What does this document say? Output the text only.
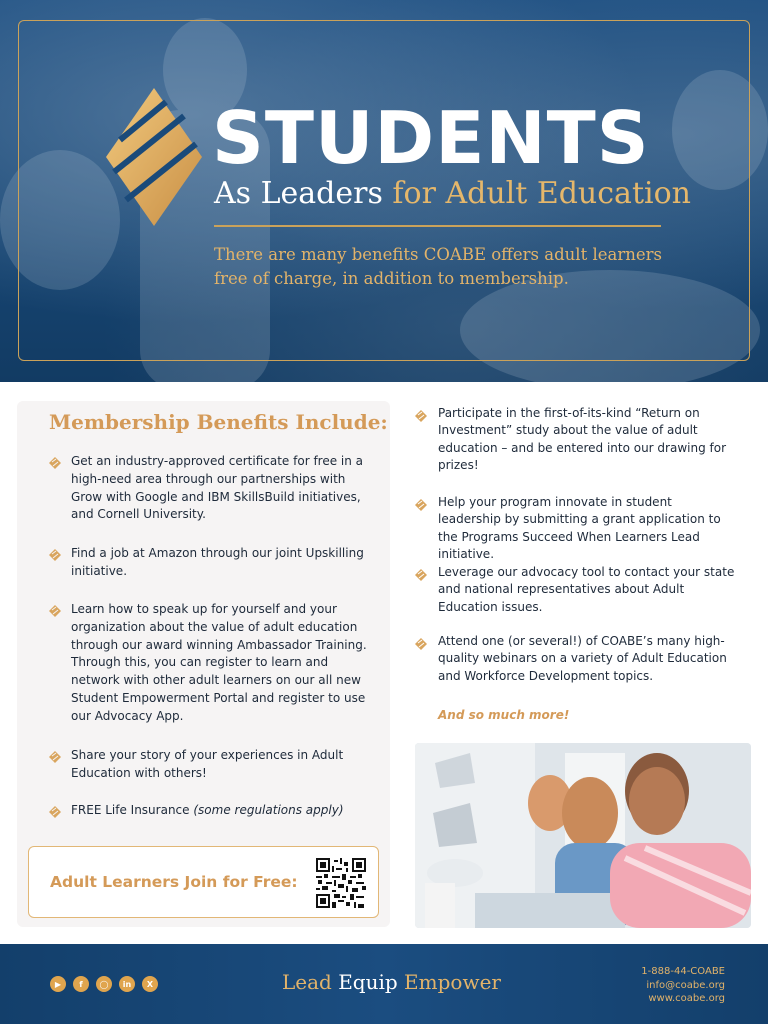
STUDENTS
As Leaders for Adult Education
There are many benefits COABE offers adult learners free of charge, in addition to membership.
Membership Benefits Include:
Get an industry-approved certificate for free in a high-need area through our partnerships with Grow with Google and IBM SkillsBuild initiatives, and Cornell University.
Find a job at Amazon through our joint Upskilling initiative.
Learn how to speak up for yourself and your organization about the value of adult education through our award winning Ambassador Training. Through this, you can register to learn and network with other adult learners on our all new Student Empowerment Portal and register to use our Advocacy App.
Share your story of your experiences in Adult Education with others!
FREE Life Insurance (some regulations apply)
Adult Learners Join for Free:
Participate in the first-of-its-kind “Return on Investment” study about the value of adult education – and be entered into our drawing for prizes!
Help your program innovate in student leadership by submitting a grant application to the Programs Succeed When Learners Lead initiative.
Leverage our advocacy tool to contact your state and national representatives about Adult Education issues.
Attend one (or several!) of COABE’s many high-quality webinars on a variety of Adult Education and Workforce Development topics.
And so much more!
▶	f	◯	in	X	Lead Equip Empower	1-888-44-COABE
info@coabe.org
www.coabe.org
